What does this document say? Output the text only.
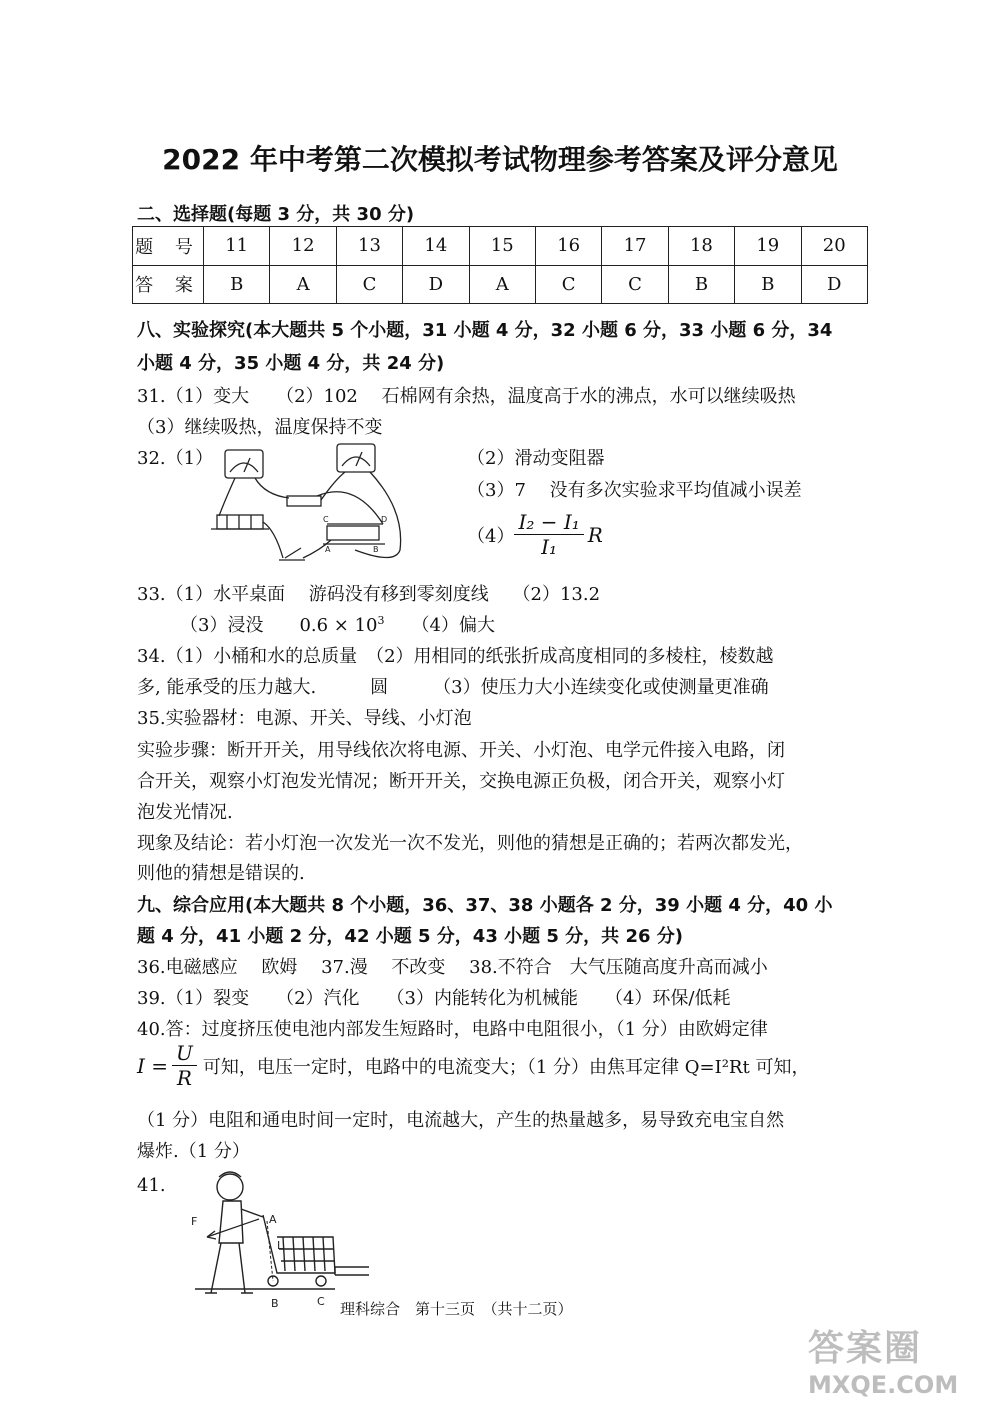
2022 年中考第二次模拟考试物理参考答案及评分意见
二、选择题(每题 3 分，共 30 分)
题 号	11	12	13	14	15	16	17	18	19	20
答 案	B	A	C	D	A	C	C	B	B	D
八、实验探究(本大题共 5 个小题，31 小题 4 分，32 小题 6 分，33 小题 6 分，34
小题 4 分，35 小题 4 分，共 24 分)
31.（1）变大　　（2）102　 石棉网有余热，温度高于水的沸点，水可以继续吸热
（3）继续吸热，温度保持不变
32.（1）
C	D
A	B
（2）滑动变阻器
（3）7　 没有多次实验求平均值减小误差
$(4) \frac{\text{I₂ − I₁}}{\text{I₁}}$ R
33.（1）水平桌面　 游码没有移到零刻度线　 （2）13.2
（3）浸没　　$0.6 \times 10^3$　　（4）偏大
34.（1）小桶和水的总质量　（2）用相同的纸张折成高度相同的多棱柱，棱数越
多, 能承受的压力越大.　　　圆　　　（3）使压力大小连续变化或使测量更准确
35.实验器材：电源、开关、导线、小灯泡
实验步骤：断开开关，用导线依次将电源、开关、小灯泡、电学元件接入电路，闭
合开关，观察小灯泡发光情况；断开开关，交换电源正负极，闭合开关，观察小灯
泡发光情况.
现象及结论：若小灯泡一次发光一次不发光，则他的猜想是正确的；若两次都发光，
则他的猜想是错误的.
九、综合应用(本大题共 8 个小题，36、37、38 小题各 2 分，39 小题 4 分，40 小
题 4 分，41 小题 2 分，42 小题 5 分，43 小题 5 分，共 26 分)
36.电磁感应　 欧姆　 37.漫　 不改变　 38.不符合　大气压随高度升高而减小
39.（1）裂变　　（2）汽化　　（3）内能转化为机械能　　（4）环保/低耗
40.答：过度挤压使电池内部发生短路时，电路中电阻很小，（1 分）由欧姆定律
$I = \frac{U}{R}$ 可知，电压一定时，电路中的电流变大；（1 分）由焦耳定律 Q=I²Rt 可知，
（1 分）电阻和通电时间一定时，电流越大，产生的热量越多，易导致充电宝自然
爆炸.（1 分）
41.
F	A
L
B	C 理科综合　第十三页　（共十二页）
答案圈
MXQE.COM
